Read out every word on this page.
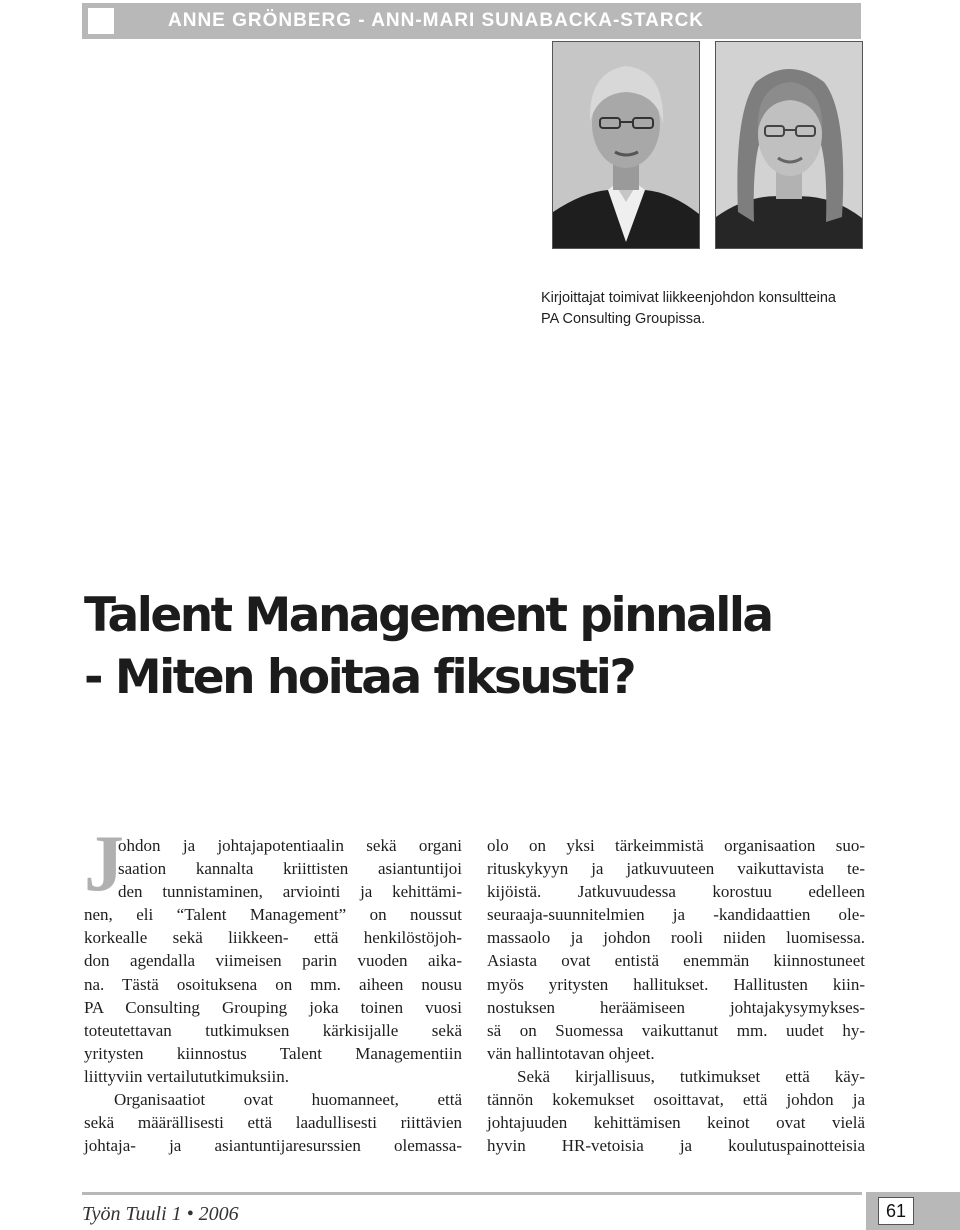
ANNE GRÖNBERG - ANN-MARI SUNABACKA-STARCK
Kirjoittajat toimivat liikkeenjohdon konsultteina
PA Consulting Groupissa.
Talent Management pinnalla
- Miten hoitaa fiksusti?
J
ohdon ja johtajapotentiaalin sekä organi
saation kannalta kriittisten asiantuntijoi
den tunnistaminen, arviointi ja kehittämi-
nen, eli “Talent Management” on noussut
korkealle sekä liikkeen- että henkilöstöjoh-
don agendalla viimeisen parin vuoden aika-
na. Tästä osoituksena on mm. aiheen nousu
PA Consulting Grouping joka toinen vuosi
toteutettavan tutkimuksen kärkisijalle sekä
yritysten kiinnostus Talent Managementiin
liittyviin vertailututkimuksiin.
Organisaatiot ovat huomanneet, että
sekä määrällisesti että laadullisesti riittävien
johtaja- ja asiantuntijaresurssien olemassa-
olo on yksi tärkeimmistä organisaation suo-
rituskykyyn ja jatkuvuuteen vaikuttavista te-
kijöistä. Jatkuvuudessa korostuu edelleen
seuraaja-suunnitelmien ja -kandidaattien ole-
massaolo ja johdon rooli niiden luomisessa.
Asiasta ovat entistä enemmän kiinnostuneet
myös yritysten hallitukset. Hallitusten kiin-
nostuksen heräämiseen johtajakysymykses-
sä on Suomessa vaikuttanut mm. uudet hy-
vän hallintotavan ohjeet.
Sekä kirjallisuus, tutkimukset että käy-
tännön kokemukset osoittavat, että johdon ja
johtajuuden kehittämisen keinot ovat vielä
hyvin HR-vetoisia ja koulutuspainotteisia
Työn Tuuli 1 • 2006	61
